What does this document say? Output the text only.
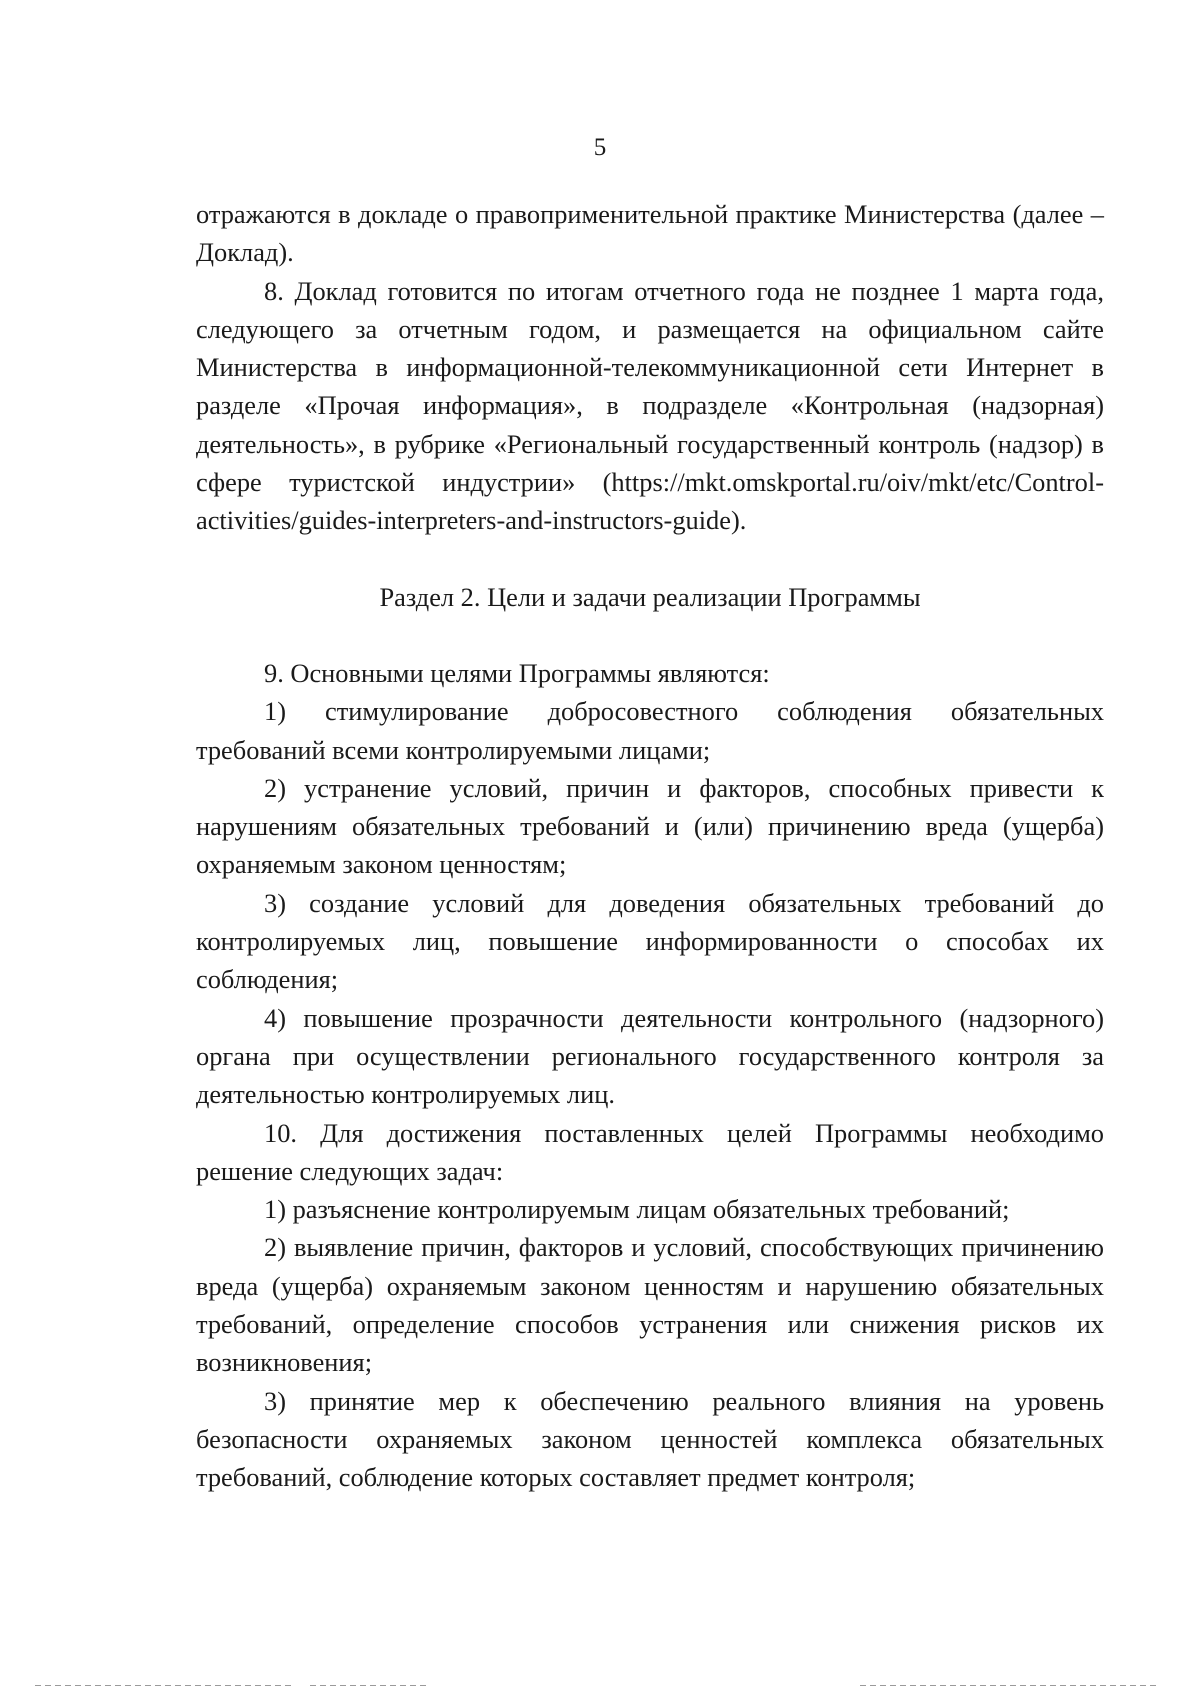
5

отражаются в докладе о правоприменительной практике Министерства (далее – Доклад).

8. Доклад готовится по итогам отчетного года не позднее 1 марта года, следующего за отчетным годом, и размещается на официальном сайте Министерства в информационной-телекоммуникационной сети Интернет в разделе «Прочая информация», в подразделе «Контрольная (надзорная) деятельность», в рубрике «Региональный государственный контроль (надзор) в сфере туристской индустрии» (https://mkt.omskportal.ru/oiv/mkt/etc/Control-activities/guides-interpreters-and-instructors-guide).

Раздел 2. Цели и задачи реализации Программы

9. Основными целями Программы являются:

1) стимулирование добросовестного соблюдения обязательных требований всеми контролируемыми лицами;

2) устранение условий, причин и факторов, способных привести к нарушениям обязательных требований и (или) причинению вреда (ущерба) охраняемым законом ценностям;

3) создание условий для доведения обязательных требований до контролируемых лиц, повышение информированности о способах их соблюдения;

4) повышение прозрачности деятельности контрольного (надзорного) органа при осуществлении регионального государственного контроля за деятельностью контролируемых лиц.

10. Для достижения поставленных целей Программы необходимо решение следующих задач:

1) разъяснение контролируемым лицам обязательных требований;

2) выявление причин, факторов и условий, способствующих причинению вреда (ущерба) охраняемым законом ценностям и нарушению обязательных требований, определение способов устранения или снижения рисков их возникновения;

3) принятие мер к обеспечению реального влияния на уровень безопасности охраняемых законом ценностей комплекса обязательных требований, соблюдение которых составляет предмет контроля;
